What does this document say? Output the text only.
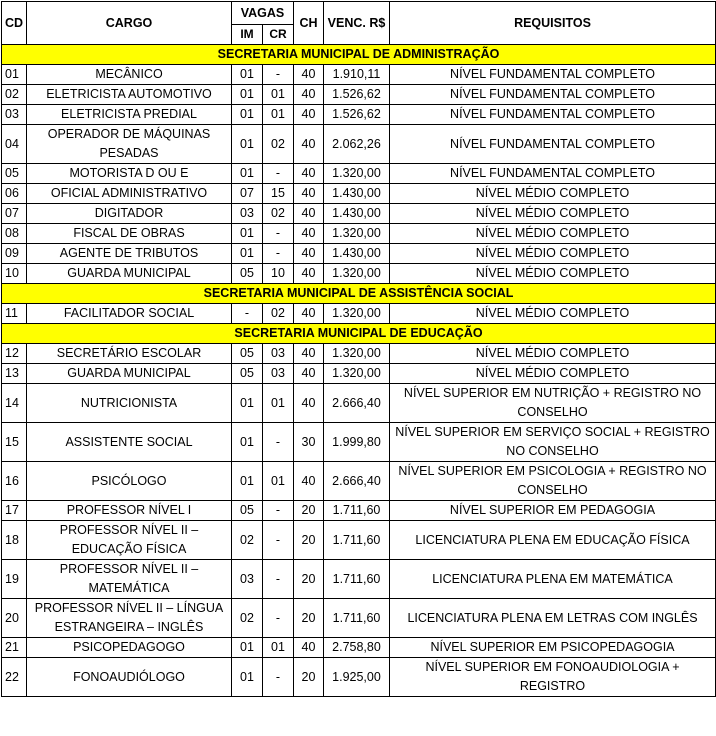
CD	CARGO	VAGAS		CH	VENC. R$	REQUISITOS
		IM	CR			
SECRETARIA MUNICIPAL DE ADMINISTRAÇÃO						
01	MECÂNICO	01	-	40	1.910,11	NÍVEL FUNDAMENTAL COMPLETO
02	ELETRICISTA AUTOMOTIVO	01	01	40	1.526,62	NÍVEL FUNDAMENTAL COMPLETO
03	ELETRICISTA PREDIAL	01	01	40	1.526,62	NÍVEL FUNDAMENTAL COMPLETO
04	OPERADOR DE MÁQUINAS PESADAS	01	02	40	2.062,26	NÍVEL FUNDAMENTAL COMPLETO
05	MOTORISTA D OU E	01	-	40	1.320,00	NÍVEL FUNDAMENTAL COMPLETO
06	OFICIAL ADMINISTRATIVO	07	15	40	1.430,00	NÍVEL MÉDIO COMPLETO
07	DIGITADOR	03	02	40	1.430,00	NÍVEL MÉDIO COMPLETO
08	FISCAL DE OBRAS	01	-	40	1.320,00	NÍVEL MÉDIO COMPLETO
09	AGENTE DE TRIBUTOS	01	-	40	1.430,00	NÍVEL MÉDIO COMPLETO
10	GUARDA MUNICIPAL	05	10	40	1.320,00	NÍVEL MÉDIO COMPLETO
SECRETARIA MUNICIPAL DE ASSISTÊNCIA SOCIAL						
11	FACILITADOR SOCIAL	-	02	40	1.320,00	NÍVEL MÉDIO COMPLETO
SECRETARIA MUNICIPAL DE EDUCAÇÃO						
12	SECRETÁRIO ESCOLAR	05	03	40	1.320,00	NÍVEL MÉDIO COMPLETO
13	GUARDA MUNICIPAL	05	03	40	1.320,00	NÍVEL MÉDIO COMPLETO
14	NUTRICIONISTA	01	01	40	2.666,40	NÍVEL SUPERIOR EM NUTRIÇÃO + REGISTRO NO CONSELHO
15	ASSISTENTE SOCIAL	01	-	30	1.999,80	NÍVEL SUPERIOR EM SERVIÇO SOCIAL + REGISTRO NO CONSELHO
16	PSICÓLOGO	01	01	40	2.666,40	NÍVEL SUPERIOR EM PSICOLOGIA + REGISTRO NO CONSELHO
17	PROFESSOR NÍVEL I	05	-	20	1.711,60	NÍVEL SUPERIOR EM PEDAGOGIA
18	PROFESSOR NÍVEL II – EDUCAÇÃO FÍSICA	02	-	20	1.711,60	LICENCIATURA PLENA EM EDUCAÇÃO FÍSICA
19	PROFESSOR NÍVEL II – MATEMÁTICA	03	-	20	1.711,60	LICENCIATURA PLENA EM MATEMÁTICA
20	PROFESSOR NÍVEL II – LÍNGUA ESTRANGEIRA – INGLÊS	02	-	20	1.711,60	LICENCIATURA PLENA EM LETRAS COM INGLÊS
21	PSICOPEDAGOGO	01	01	40	2.758,80	NÍVEL SUPERIOR EM PSICOPEDAGOGIA
22	FONOAUDIÓLOGO	01	-	20	1.925,00	NÍVEL SUPERIOR EM FONOAUDIOLOGIA + REGISTRO
